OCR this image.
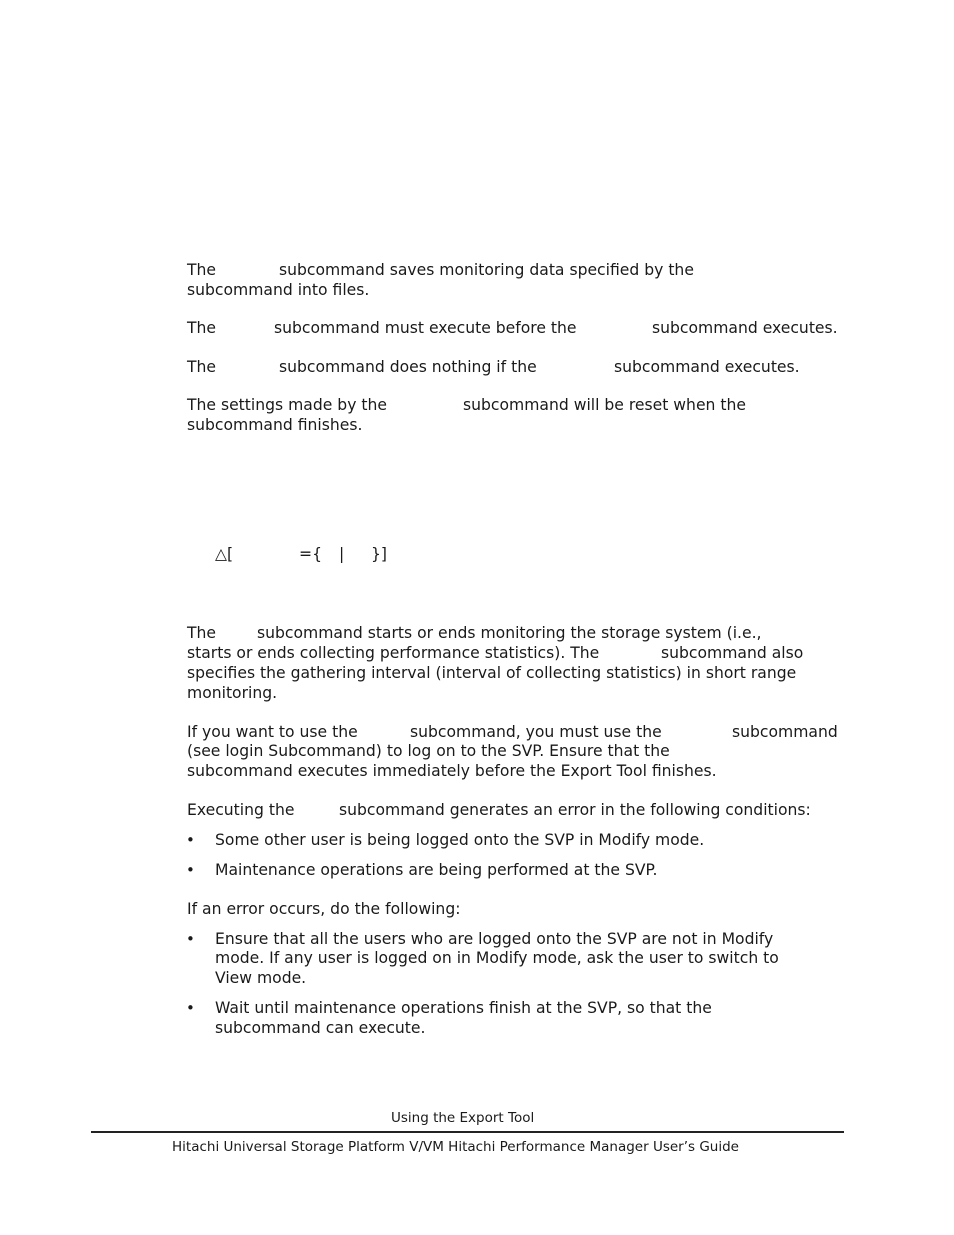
The	subcommand saves monitoring data specified by the
subcommand into files.
The	subcommand must execute before the	subcommand executes.
The	subcommand does nothing if the	subcommand executes.
The settings made by the	subcommand will be reset when the
subcommand finishes.
△[	={ | }]
The	subcommand starts or ends monitoring the storage system (i.e.,
starts or ends collecting performance statistics). The	subcommand also
specifies the gathering interval (interval of collecting statistics) in short range
monitoring.
If you want to use the	subcommand, you must use the	subcommand
(see login Subcommand) to log on to the SVP. Ensure that the
subcommand executes immediately before the Export Tool finishes.
Executing the	subcommand generates an error in the following conditions:
• Some other user is being logged onto the SVP in Modify mode.
• Maintenance operations are being performed at the SVP.
If an error occurs, do the following:
• Ensure that all the users who are logged onto the SVP are not in Modify
mode. If any user is logged on in Modify mode, ask the user to switch to
View mode.
• Wait until maintenance operations finish at the SVP, so that the
subcommand can execute.
Using the Export Tool
Hitachi Universal Storage Platform V/VM Hitachi Performance Manager User’s Guide
